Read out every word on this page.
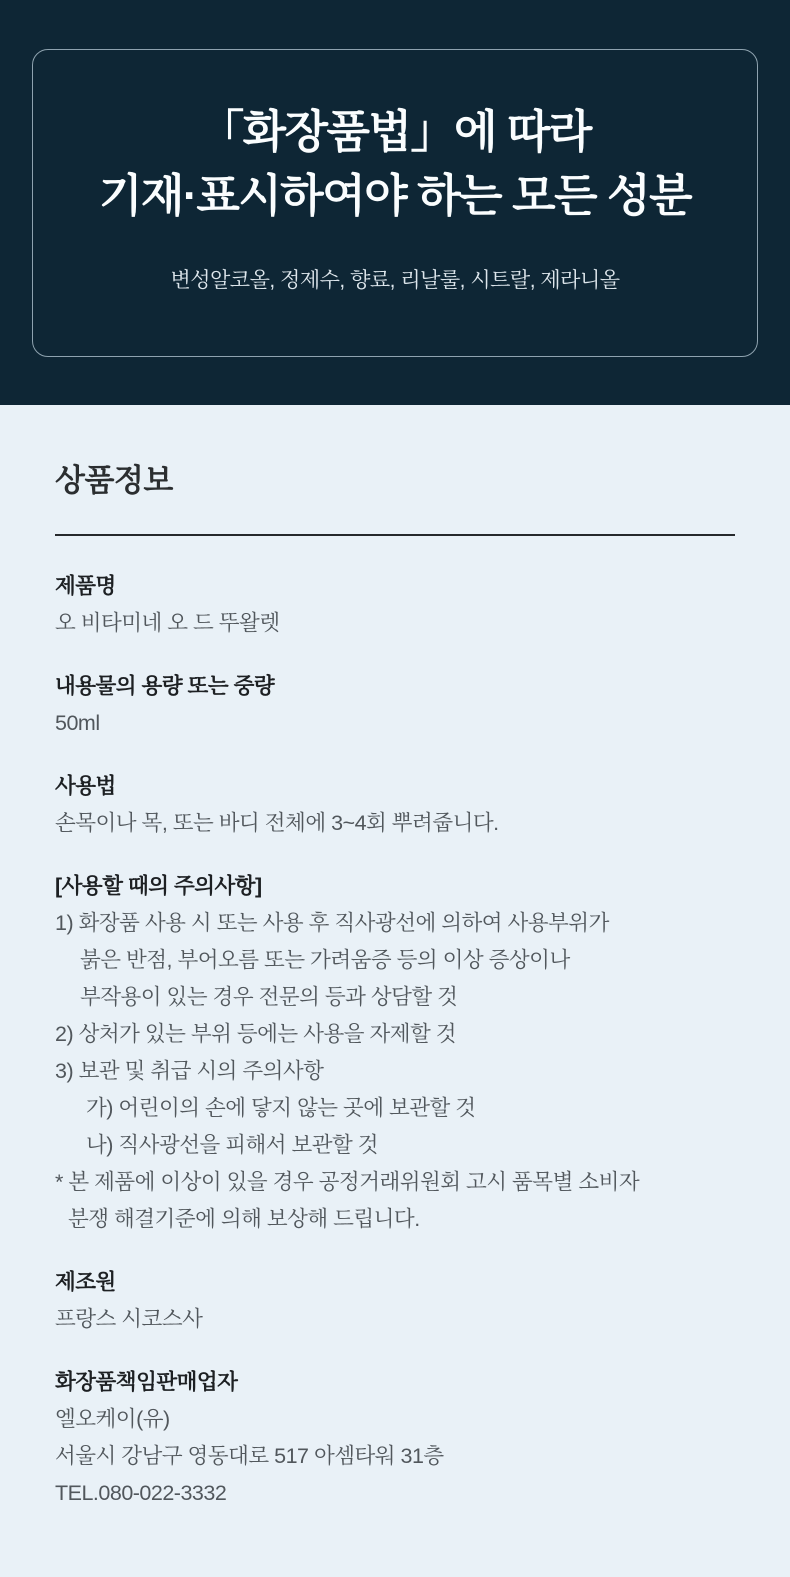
「화장품법」에 따라
기재·표시하여야 하는 모든 성분
변성알코올, 정제수, 향료, 리날룰, 시트랄, 제라니올
상품정보
제품명
오 비타미네 오 드 뚜왈렛
내용물의 용량 또는 중량
50ml
사용법
손목이나 목, 또는 바디 전체에 3~4회 뿌려줍니다.
[사용할 때의 주의사항]
1) 화장품 사용 시 또는 사용 후 직사광선에 의하여 사용부위가
붉은 반점, 부어오름 또는 가려움증 등의 이상 증상이나
부작용이 있는 경우 전문의 등과 상담할 것
2) 상처가 있는 부위 등에는 사용을 자제할 것
3) 보관 및 취급 시의 주의사항
가) 어린이의 손에 닿지 않는 곳에 보관할 것
나) 직사광선을 피해서 보관할 것
* 본 제품에 이상이 있을 경우 공정거래위원회 고시 품목별 소비자
분쟁 해결기준에 의해 보상해 드립니다.
제조원
프랑스 시코스사
화장품책임판매업자
엘오케이(유)
서울시 강남구 영동대로 517 아셈타워 31층
TEL.080-022-3332
